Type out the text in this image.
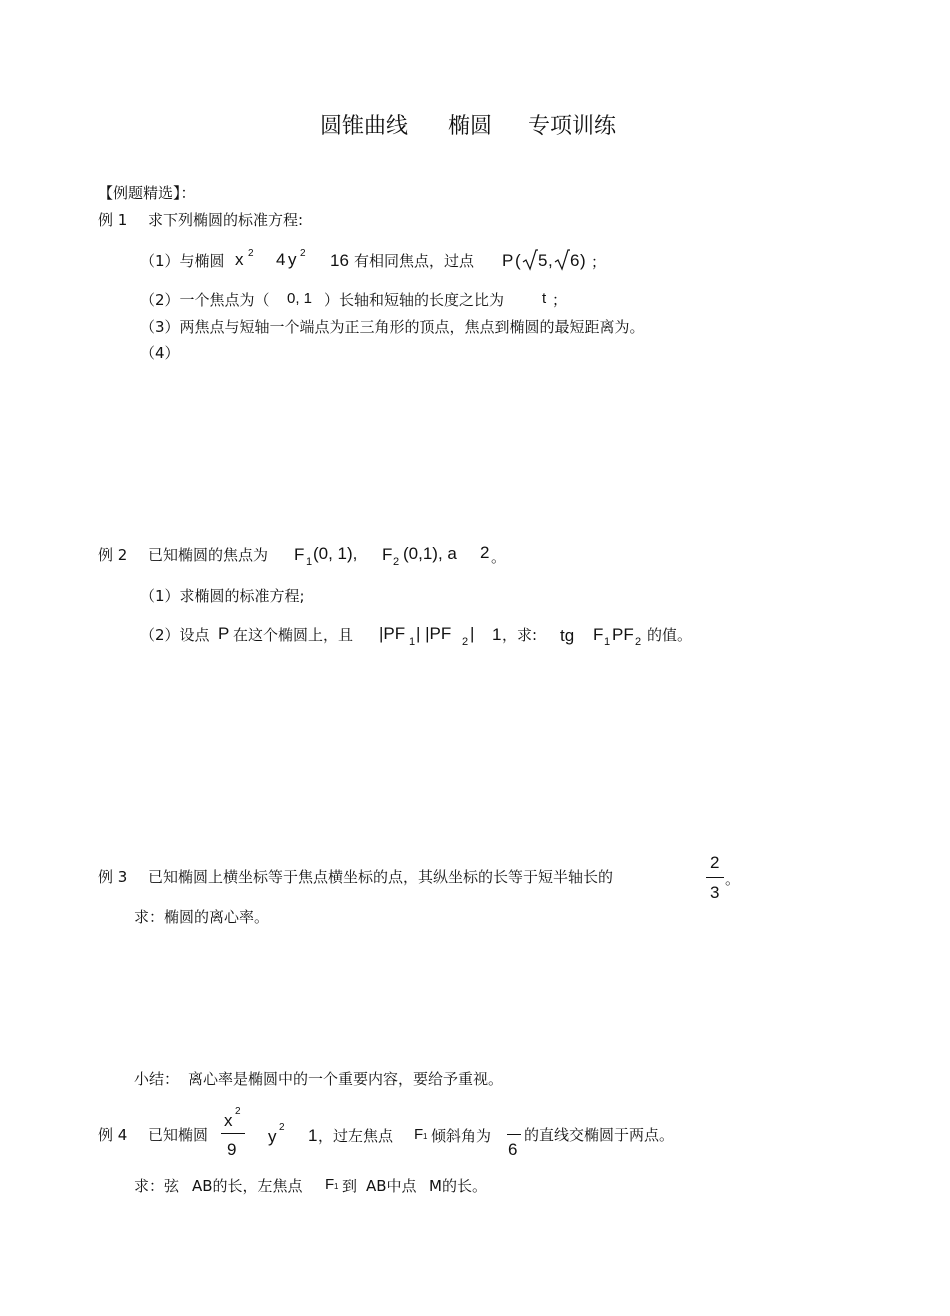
圆锥曲线 椭圆 专项训练
【例题精选】：
例 1 求下列椭圆的标准方程:
（1）与椭圆 x 2 4 y 2 16 有相同焦点，过点 P ( 5 , 6 ) ；
（2）一个焦点为（ 0, 1 ）长轴和短轴的长度之比为	t ；
（3）两焦点与短轴一个端点为正三角形的顶点，焦点到椭圆的最短距离为。
（4）
例 2 已知椭圆的焦点为 F 1 (0, 1), F 2 (0,1), a 2 。
（1）求椭圆的标准方程;
（2）设点 P 在这个椭圆上，且 |PF 1 | |PF 2 | 1 ，求: tg F 1 PF 2 的值。
例 3 已知椭圆上横坐标等于焦点横坐标的点，其纵坐标的长等于短半轴长的
2
3
。
求：椭圆的离心率。
小结： 离心率是椭圆中的一个重要内容，要给予重视。
例 4 已知椭圆
x 2
9
y 2 1 ，过左焦点 F 1 倾斜角为
6
的直线交椭圆于两点。
求：弦 AB的长，左焦点 F 1 到 AB中点 M的长。
